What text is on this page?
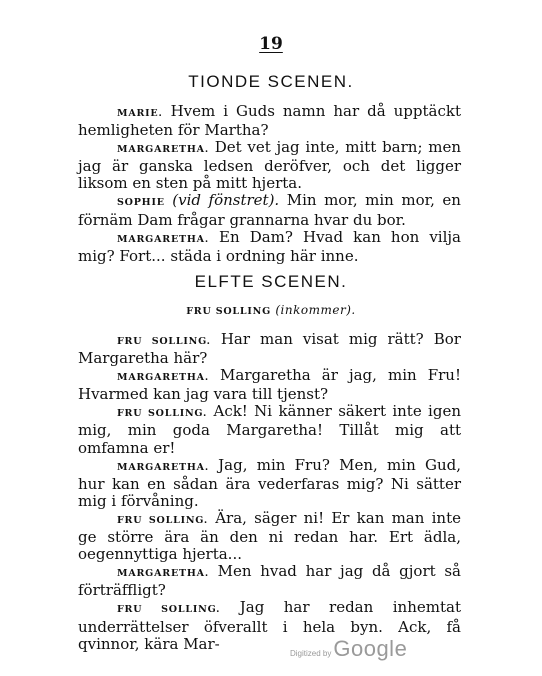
19
TIONDE SCENEN.

MARIE. Hvem i Guds namn har då upptäckt hemligheten för Martha?

MARGARETHA. Det vet jag inte, mitt barn; men jag är ganska ledsen deröfver, och det ligger liksom en sten på mitt hjerta.

SOPHIE (vid fönstret). Min mor, min mor, en förnäm Dam frågar grannarna hvar du bor.

MARGARETHA. En Dam? Hvad kan hon vilja mig? Fort... städa i ordning här inne.

ELFTE SCENEN.
FRU SOLLING (inkommer).

FRU SOLLING. Har man visat mig rätt? Bor Margaretha här?

MARGARETHA. Margaretha är jag, min Fru! Hvarmed kan jag vara till tjenst?

FRU SOLLING. Ack! Ni känner säkert inte igen mig, min goda Margaretha! Tillåt mig att omfamna er!

MARGARETHA. Jag, min Fru? Men, min Gud, hur kan en sådan ära vederfaras mig? Ni sätter mig i förvåning.

FRU SOLLING. Ära, säger ni! Er kan man inte ge större ära än den ni redan har. Ert ädla, oegennyttiga hjerta...

MARGARETHA. Men hvad har jag då gjort så förträffligt?

FRU SOLLING. Jag har redan inhemtat underrättelser öfverallt i hela byn. Ack, få qvinnor, kära Mar-

Digitized byGoogle
